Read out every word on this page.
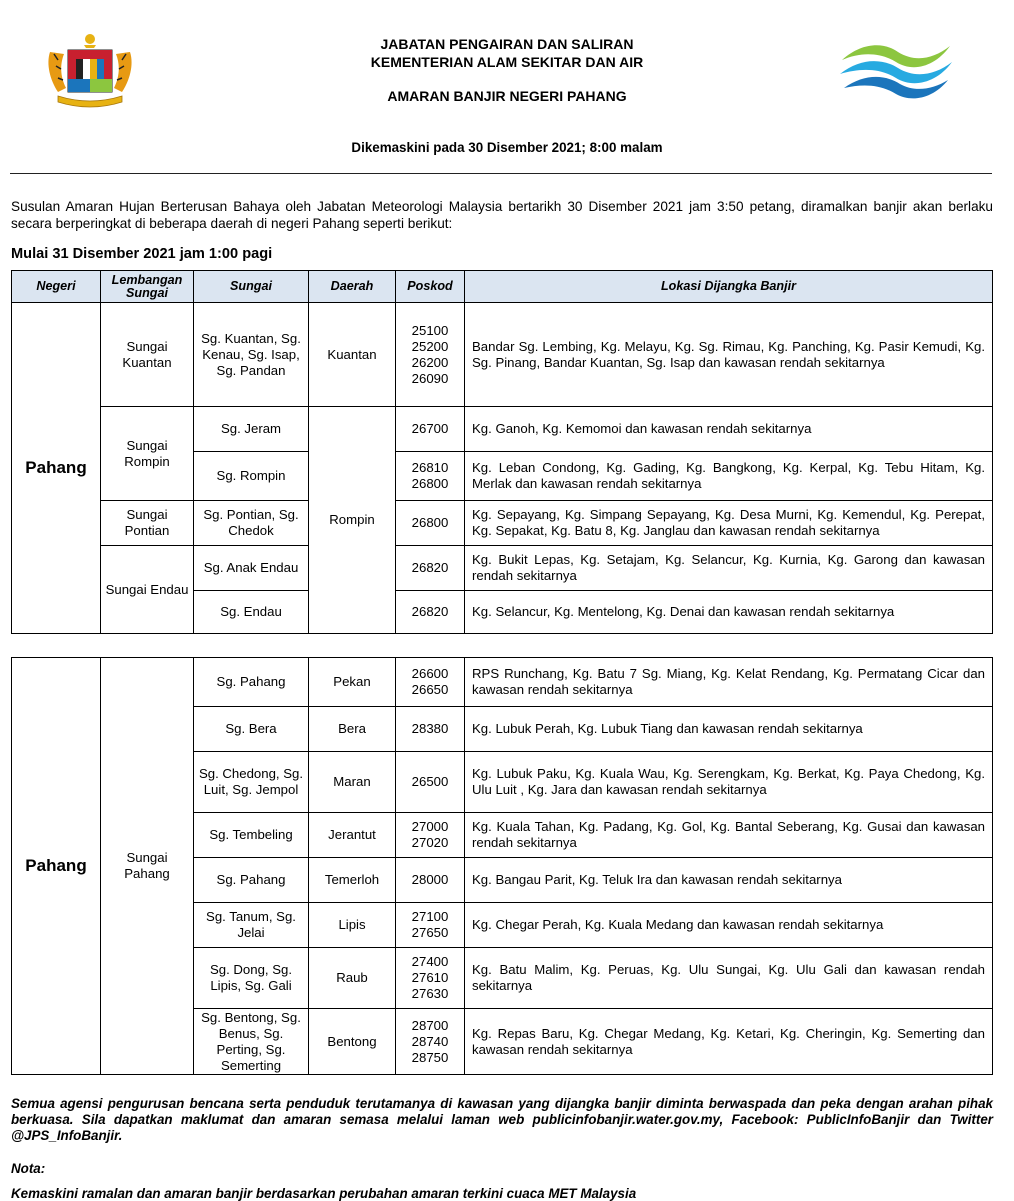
JABATAN PENGAIRAN DAN SALIRAN
KEMENTERIAN ALAM SEKITAR DAN AIR
AMARAN BANJIR NEGERI PAHANG
Dikemaskini pada 30 Disember 2021; 8:00 malam
Susulan Amaran Hujan Berterusan Bahaya oleh Jabatan Meteorologi Malaysia bertarikh 30 Disember 2021 jam 3:50 petang, diramalkan banjir akan berlaku secara berperingkat di beberapa daerah di negeri Pahang seperti berikut:
Mulai 31 Disember 2021 jam 1:00 pagi
Negeri	Lembangan Sungai	Sungai	Daerah	Poskod	Lokasi Dijangka Banjir
Pahang	Sungai Kuantan	Sg. Kuantan, Sg. Kenau, Sg. Isap, Sg. Pandan	Kuantan	25100 25200 26200 26090	Bandar Sg. Lembing, Kg. Melayu, Kg. Sg. Rimau, Kg. Panching, Kg. Pasir Kemudi, Kg. Sg. Pinang, Bandar Kuantan, Sg. Isap dan kawasan rendah sekitarnya
	Sungai Rompin	Sg. Jeram	Rompin	26700	Kg. Ganoh, Kg. Kemomoi dan kawasan rendah sekitarnya
		Sg. Rompin		26810 26800	Kg. Leban Condong, Kg. Gading, Kg. Bangkong, Kg. Kerpal, Kg. Tebu Hitam, Kg. Merlak dan kawasan rendah sekitarnya
	Sungai Pontian	Sg. Pontian, Sg. Chedok		26800	Kg. Sepayang, Kg. Simpang Sepayang, Kg. Desa Murni, Kg. Kemendul, Kg. Perepat, Kg. Sepakat, Kg. Batu 8, Kg. Janglau dan kawasan rendah sekitarnya
	Sungai Endau	Sg. Anak Endau		26820	Kg. Bukit Lepas, Kg. Setajam, Kg. Selancur, Kg. Kurnia, Kg. Garong dan kawasan rendah sekitarnya
		Sg. Endau		26820	Kg. Selancur, Kg. Mentelong, Kg. Denai dan kawasan rendah sekitarnya
Pahang	Sungai Pahang	Sg. Pahang	Pekan	26600 26650	RPS Runchang, Kg. Batu 7 Sg. Miang, Kg. Kelat Rendang, Kg. Permatang Cicar dan kawasan rendah sekitarnya
		Sg. Bera	Bera	28380	Kg. Lubuk Perah, Kg. Lubuk Tiang dan kawasan rendah sekitarnya
		Sg. Chedong, Sg. Luit, Sg. Jempol	Maran	26500	Kg. Lubuk Paku, Kg. Kuala Wau, Kg. Serengkam, Kg. Berkat, Kg. Paya Chedong, Kg. Ulu Luit , Kg. Jara dan kawasan rendah sekitarnya
		Sg. Tembeling	Jerantut	27000 27020	Kg. Kuala Tahan, Kg. Padang, Kg. Gol, Kg. Bantal Seberang, Kg. Gusai dan kawasan rendah sekitarnya
		Sg. Pahang	Temerloh	28000	Kg. Bangau Parit, Kg. Teluk Ira dan kawasan rendah sekitarnya
		Sg. Tanum, Sg. Jelai	Lipis	27100 27650	Kg. Chegar Perah, Kg. Kuala Medang dan kawasan rendah sekitarnya
		Sg. Dong, Sg. Lipis, Sg. Gali	Raub	27400 27610 27630	Kg. Batu Malim, Kg. Peruas, Kg. Ulu Sungai, Kg. Ulu Gali dan kawasan rendah sekitarnya
		Sg. Bentong, Sg. Benus, Sg. Perting, Sg. Semerting	Bentong	28700 28740 28750	Kg. Repas Baru, Kg. Chegar Medang, Kg. Ketari, Kg. Cheringin, Kg. Semerting dan kawasan rendah sekitarnya
Semua agensi pengurusan bencana serta penduduk terutamanya di kawasan yang dijangka banjir diminta berwaspada dan peka dengan arahan pihak berkuasa. Sila dapatkan maklumat dan amaran semasa melalui laman web publicinfobanjir.water.gov.my, Facebook: PublicInfoBanjir dan Twitter @JPS_InfoBanjir.
Nota:
Kemaskini ramalan dan amaran banjir berdasarkan perubahan amaran terkini cuaca MET Malaysia
